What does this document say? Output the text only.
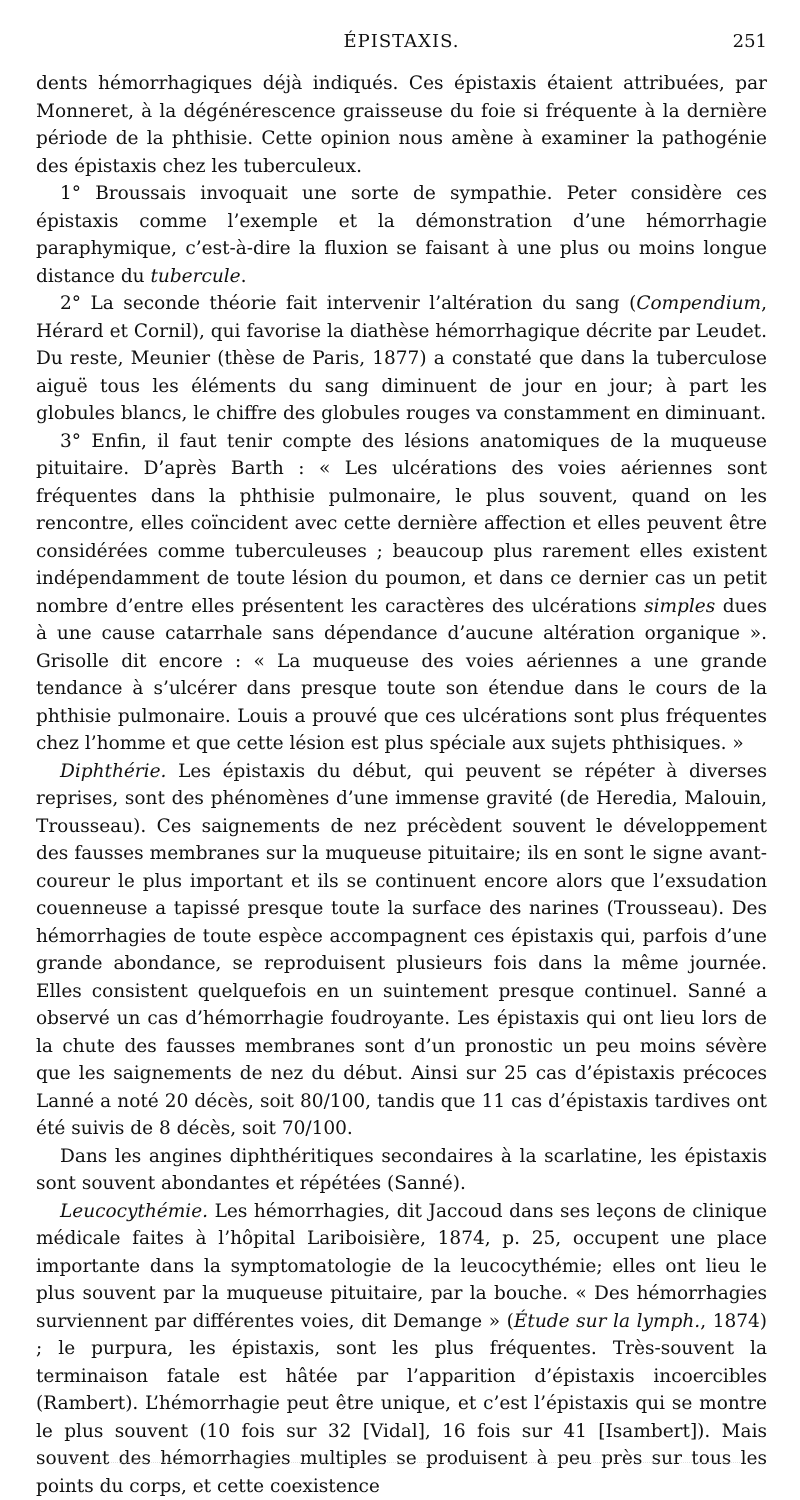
ÉPISTAXIS.	251

dents hémorrhagiques déjà indiqués. Ces épistaxis étaient attribuées, par Monneret, à la dégénérescence graisseuse du foie si fréquente à la dernière période de la phthisie. Cette opinion nous amène à examiner la pathogénie des épistaxis chez les tuberculeux.

1° Broussais invoquait une sorte de sympathie. Peter considère ces épistaxis comme l’exemple et la démonstration d’une hémorrhagie paraphymique, c’est-à-dire la fluxion se faisant à une plus ou moins longue distance du tubercule.

2° La seconde théorie fait intervenir l’altération du sang (Compendium, Hérard et Cornil), qui favorise la diathèse hémorrhagique décrite par Leudet. Du reste, Meunier (thèse de Paris, 1877) a constaté que dans la tuberculose aiguë tous les éléments du sang diminuent de jour en jour; à part les globules blancs, le chiffre des globules rouges va constamment en diminuant.

3° Enfin, il faut tenir compte des lésions anatomiques de la muqueuse pituitaire. D’après Barth : « Les ulcérations des voies aériennes sont fréquentes dans la phthisie pulmonaire, le plus souvent, quand on les rencontre, elles coïncident avec cette dernière affection et elles peuvent être considérées comme tuberculeuses ; beaucoup plus rarement elles existent indépendamment de toute lésion du poumon, et dans ce dernier cas un petit nombre d’entre elles présentent les caractères des ulcérations simples dues à une cause catarrhale sans dépendance d’aucune altération organique ». Grisolle dit encore : « La muqueuse des voies aériennes a une grande tendance à s’ulcérer dans presque toute son étendue dans le cours de la phthisie pulmonaire. Louis a prouvé que ces ulcérations sont plus fréquentes chez l’homme et que cette lésion est plus spéciale aux sujets phthisiques. »

Diphthérie. Les épistaxis du début, qui peuvent se répéter à diverses reprises, sont des phénomènes d’une immense gravité (de Heredia, Malouin, Trousseau). Ces saignements de nez précèdent souvent le développement des fausses membranes sur la muqueuse pituitaire; ils en sont le signe avant-coureur le plus important et ils se continuent encore alors que l’exsudation couenneuse a tapissé presque toute la surface des narines (Trousseau). Des hémorrhagies de toute espèce accompagnent ces épistaxis qui, parfois d’une grande abondance, se reproduisent plusieurs fois dans la même journée. Elles consistent quelquefois en un suintement presque continuel. Sanné a observé un cas d’hémorrhagie foudroyante. Les épistaxis qui ont lieu lors de la chute des fausses membranes sont d’un pronostic un peu moins sévère que les saignements de nez du début. Ainsi sur 25 cas d’épistaxis précoces Lanné a noté 20 décès, soit 80/100, tandis que 11 cas d’épistaxis tardives ont été suivis de 8 décès, soit 70/100.

Dans les angines diphthéritiques secondaires à la scarlatine, les épistaxis sont souvent abondantes et répétées (Sanné).

Leucocythémie. Les hémorrhagies, dit Jaccoud dans ses leçons de clinique médicale faites à l’hôpital Lariboisière, 1874, p. 25, occupent une place importante dans la symptomatologie de la leucocythémie; elles ont lieu le plus souvent par la muqueuse pituitaire, par la bouche. « Des hémorrhagies surviennent par différentes voies, dit Demange » (Étude sur la lymph., 1874) ; le purpura, les épistaxis, sont les plus fréquentes. Très-souvent la terminaison fatale est hâtée par l’apparition d’épistaxis incoercibles (Rambert). L’hémorrhagie peut être unique, et c’est l’épistaxis qui se montre le plus souvent (10 fois sur 32 [Vidal], 16 fois sur 41 [Isambert]). Mais souvent des hémorrhagies multiples se produisent à peu près sur tous les points du corps, et cette coexistence
